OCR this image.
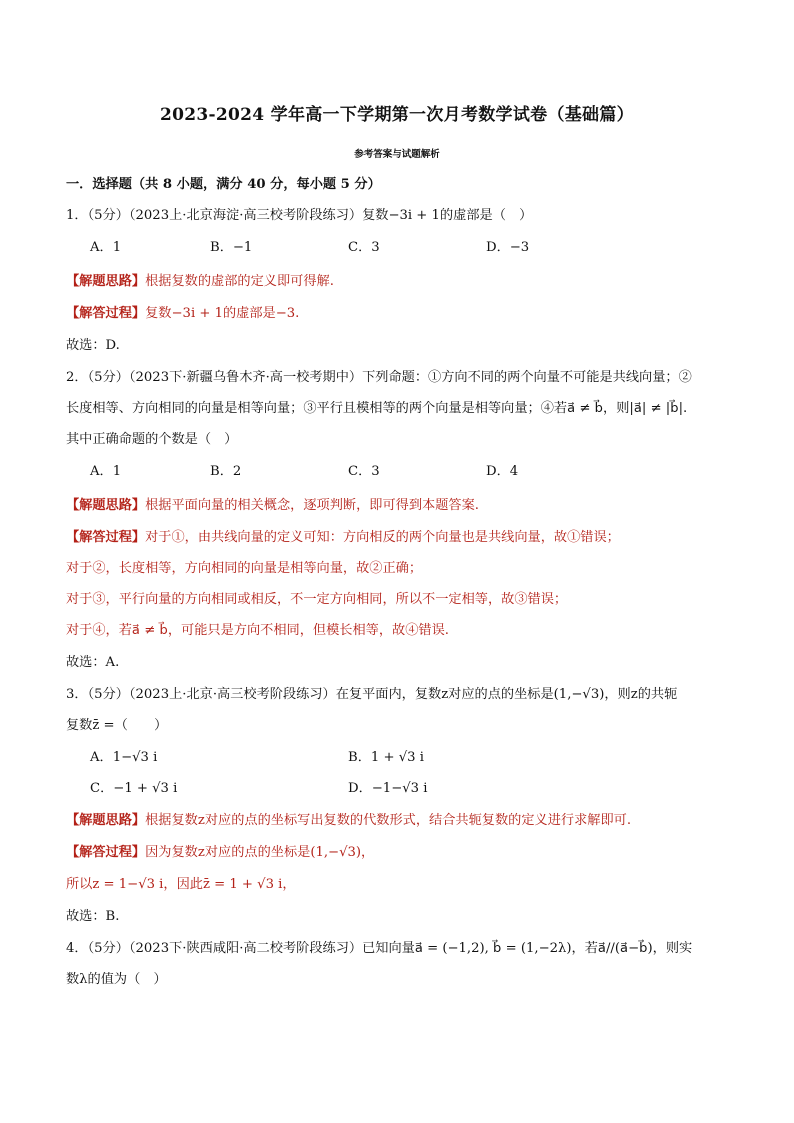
2023-2024 学年高一下学期第一次月考数学试卷（基础篇）
参考答案与试题解析
一．选择题（共 8 小题，满分 40 分，每小题 5 分）
1．（5分）（2023上·北京海淀·高三校考阶段练习）复数−3i + 1的虚部是（　）
A．1	B．−1	C．3	D．−3
【解题思路】根据复数的虚部的定义即可得解.
【解答过程】复数−3i + 1的虚部是−3.
故选：D.
2．（5分）（2023下·新疆乌鲁木齐·高一校考期中）下列命题：①方向不同的两个向量不可能是共线向量；②
长度相等、方向相同的向量是相等向量；③平行且模相等的两个向量是相等向量；④若a⃗ ≠ b⃗，则|a⃗| ≠ |b⃗|.
其中正确命题的个数是（　）
A．1	B．2	C．3	D．4
【解题思路】根据平面向量的相关概念，逐项判断，即可得到本题答案.
【解答过程】对于①，由共线向量的定义可知：方向相反的两个向量也是共线向量，故①错误；
对于②，长度相等，方向相同的向量是相等向量，故②正确；
对于③，平行向量的方向相同或相反，不一定方向相同，所以不一定相等，故③错误；
对于④，若a⃗ ≠ b⃗，可能只是方向不相同，但模长相等，故④错误.
故选：A.
3．（5分）（2023上·北京·高三校考阶段练习）在复平面内，复数z对应的点的坐标是(1,−√3)，则z的共轭
复数z̄ =（　　）
A．1−√3 i	B．1 + √3 i
C．−1 + √3 i	D．−1−√3 i
【解题思路】根据复数z对应的点的坐标写出复数的代数形式，结合共轭复数的定义进行求解即可.
【解答过程】因为复数z对应的点的坐标是(1,−√3)，
所以z = 1−√3 i，因此z̄ = 1 + √3 i，
故选：B.
4．（5分）（2023下·陕西咸阳·高二校考阶段练习）已知向量a⃗ = (−1,2), b⃗ = (1,−2λ)，若a⃗//(a⃗−b⃗)，则实
数λ的值为（　）
